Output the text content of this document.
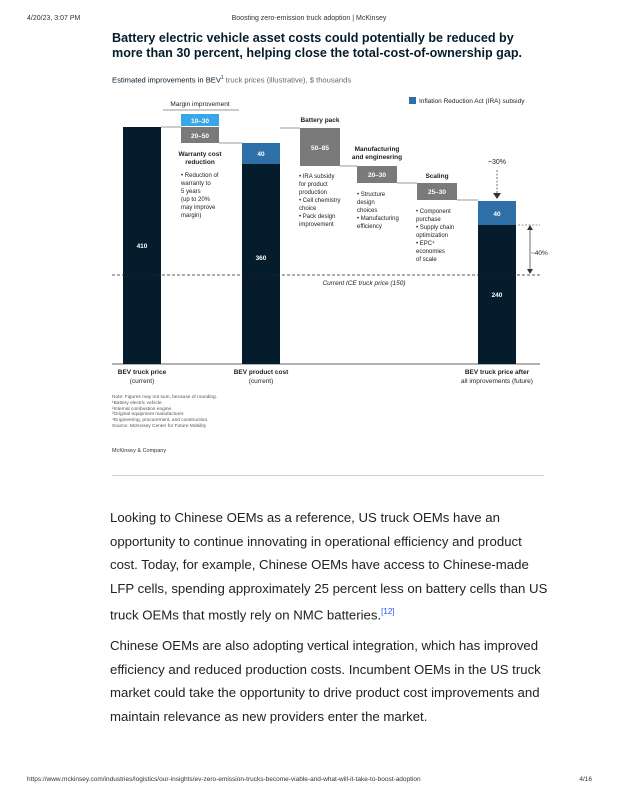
4/20/23, 3:07 PM	Boosting zero-emission truck adoption | McKinsey
Battery electric vehicle asset costs could potentially be reduced by more than 30 percent, helping close the total-cost-of-ownership gap.
Estimated improvements in BEV$^1$ truck prices (illustrative), $ thousands
410
10–30
Margin improvement
20–50
Warranty cost
reduction
• Reduction of
warranty to
5 years
(up to 20%
may improve
margin)
40
360
Battery pack
50–85
• IRA subsidy
for product
production
• Cell chemistry
choice
• Pack design
improvement
Manufacturing
and engineering
20–30
• Structure
design
choices
• Manufacturing
efficiency
Scaling
25–30
• Component
purchase
• Supply chain
optimization
• EPC⁴
economies
of scale
40
240
~30%
~40%
Current ICE truck price (150)
Inflation Reduction Act (IRA) subsidy
BEV truck price
(current)
BEV product cost
(current)
BEV truck price after
all improvements (future)
Note: Figures may not sum, because of rounding.
¹Battery electric vehicle.
²Internal combustion engine.
³Original equipment manufacturer.
⁴Engineering, procurement, and construction.
Source: McKinsey Center for Future Mobility
McKinsey & Company

Looking to Chinese OEMs as a reference, US truck OEMs have an opportunity to continue innovating in operational efficiency and product cost. Today, for example, Chinese OEMs have access to Chinese-made LFP cells, spending approximately 25 percent less on battery cells than US truck OEMs that mostly rely on NMC batteries.[12]

Chinese OEMs are also adopting vertical integration, which has improved efficiency and reduced production costs. Incumbent OEMs in the US truck market could take the opportunity to drive product cost improvements and maintain relevance as new providers enter the market.

https://www.mckinsey.com/industries/logistics/our-insights/ev-zero-emission-trucks-become-viable-and-what-will-it-take-to-boost-adoption	4/16
